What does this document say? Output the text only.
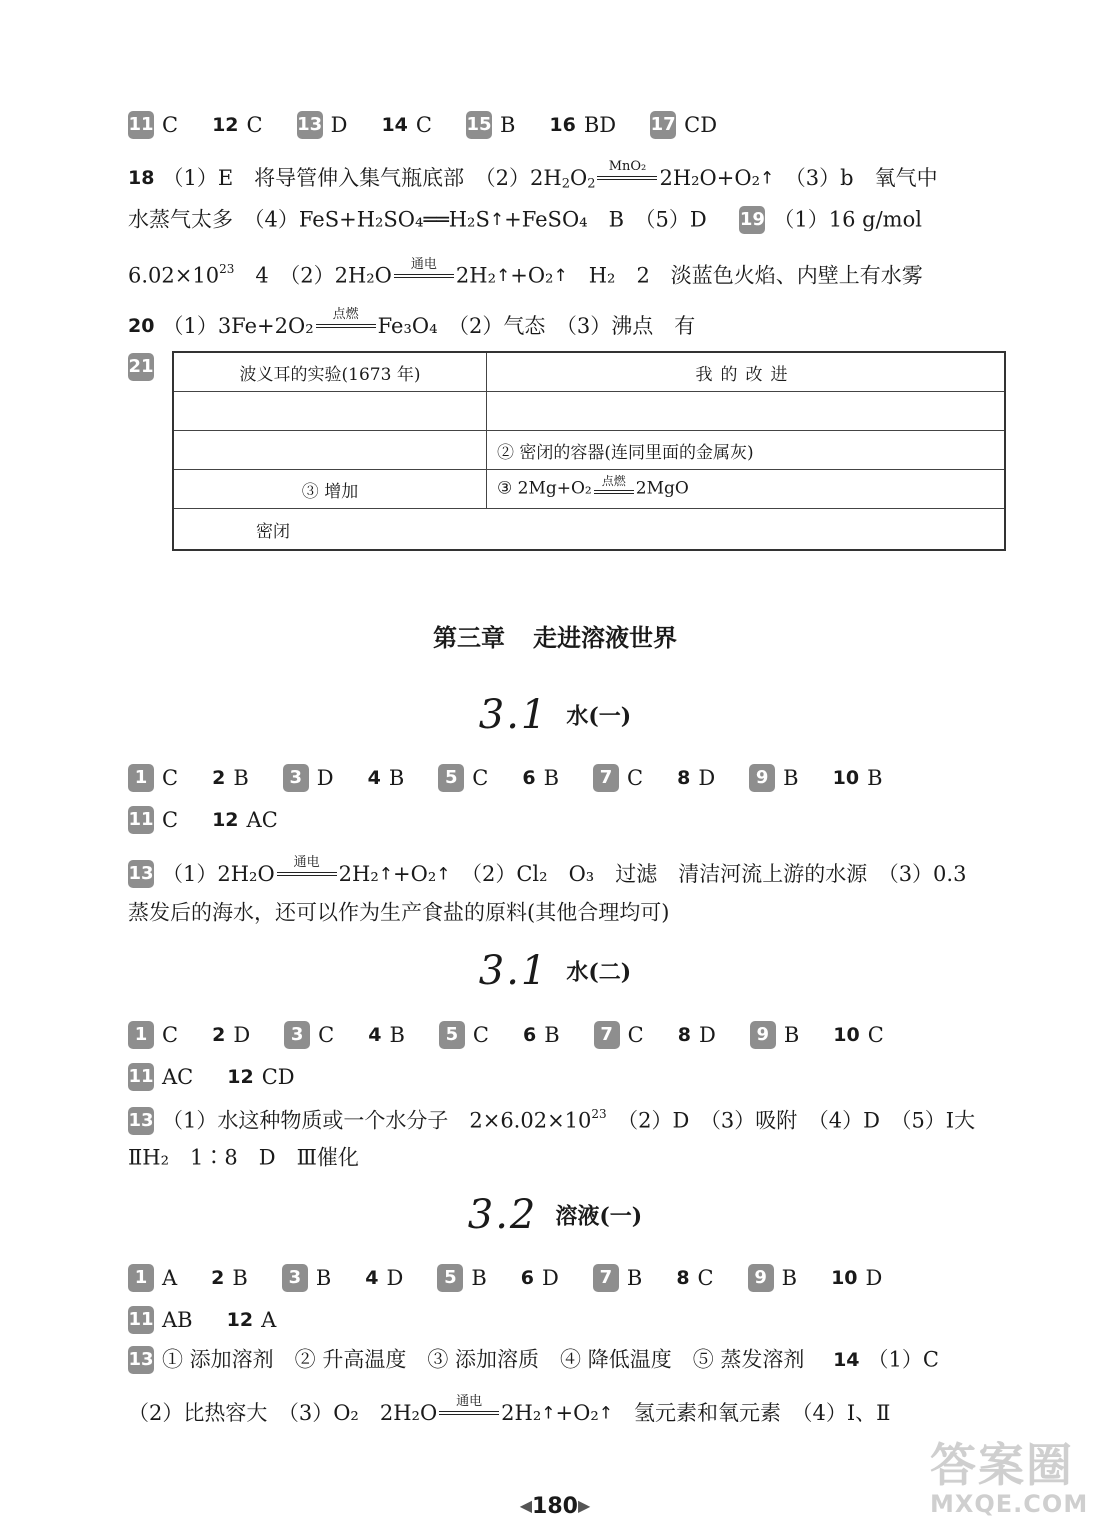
11 C 12 C 13 D 14 C 15 B 16 BD 17 CD
18 （1）E　将导管伸入集气瓶底部　$(2)2H_2O_2$
MnO₂ 2H₂O+O₂↑　（3）b　氧气中
水蒸气太多　（4）FeS+H₂SO₄══H₂S↑+FeSO₄　B　（5）D 19 （1）16 g/mol
$6.02\times 10^{23}$　4　（2）2H₂O	通电 2H₂↑+O₂↑　H₂　2　淡蓝色火焰、内壁上有水雾
20 （1）3Fe+2O₂	点燃 Fe₃O₄　（2）气态　（3）沸点　有
21	波义耳的实验(1673 年)	我的改进

	② 密闭的容器(连同里面的金属灰)
③ 增加	③ 2Mg+O₂ 点燃 2MgO
密闭	
第三章 走进溶液世界
3.1 水(一)
1 C 2 B 3 D 4 B 5 C 6 B 7 C 8 D 9 B 10 B
11 C 12 AC
13 （1）2H₂O	通电 2H₂↑+O₂↑　（2）Cl₂　O₃　过滤　清洁河流上游的水源　（3）0.3
蒸发后的海水，还可以作为生产食盐的原料(其他合理均可)
3.1 水(二)
1 C 2 D 3 C 4 B 5 C 6 B 7 C 8 D 9 B 10 C
11 AC 12 CD
13 （1）水这种物质或一个水分子　$2\times 6.02\times 10^{23}$　（2）D　（3）吸附　（4）D　（5）Ⅰ大
ⅡH₂　1∶8　D　Ⅲ催化
3.2 溶液(一)
1 A 2 B 3 B 4 D 5 B 6 D 7 B 8 C 9 B 10 D
11 AB 12 A
13 ① 添加溶剂　② 升高温度　③ 添加溶质　④ 降低温度　⑤ 蒸发溶剂 14 （1）C
（2）比热容大　（3）O₂　2H₂O	通电 2H₂↑+O₂↑　氢元素和氧元素　（4）Ⅰ、Ⅱ
◀180▶
答案圈
MXQE.COM
